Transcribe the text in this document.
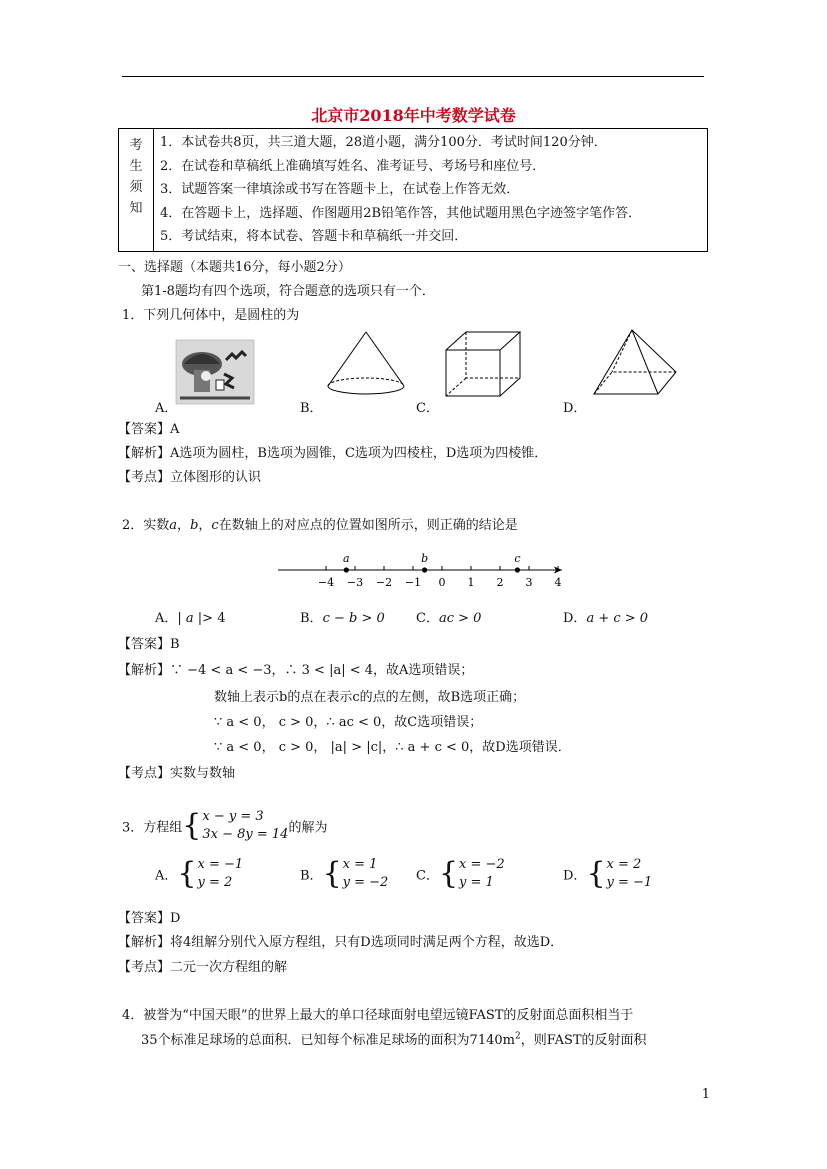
北京市2018年中考数学试卷
考
生
须
知

1．本试卷共8页，共三道大题，28道小题，满分100分．考试时间120分钟．
2．在试卷和草稿纸上准确填写姓名、准考证号、考场号和座位号．
3．试题答案一律填涂或书写在答题卡上，在试卷上作答无效．
4．在答题卡上，选择题、作图题用2B铅笔作答，其他试题用黑色字迹签字笔作答．
5．考试结束，将本试卷、答题卡和草稿纸一并交回．
一、选择题（本题共16分，每小题2分）
第1-8题均有四个选项，符合题意的选项只有一个．
1．下列几何体中，是圆柱的为
A．	B．	C．	D．
【答案】A
【解析】A选项为圆柱，B选项为圆锥，C选项为四棱柱，D选项为四棱锥．
【考点】立体图形的认识
2．实数a，b，c在数轴上的对应点的位置如图所示，则正确的结论是
−4 −3 −2 −1 0 1 2 3 4
a	b	c
A．| a |> 4	B．c − b > 0 C．ac > 0	D．a + c > 0
【答案】B
【解析】∵ −4 < a < −3，∴ 3 < |a| < 4，故A选项错误；
数轴上表示b的点在表示c的点的左侧，故B选项正确；
∵ a < 0， c > 0，∴ ac < 0，故C选项错误；
∵ a < 0， c > 0， |a| > |c|，∴ a + c < 0，故D选项错误．
【考点】实数与数轴
3．方程组{ x − y = 3
3x − 8y = 14 的解为
A．{ x = −1
y = 2	B．{ x = 1
y = −2 C．{ x = −2
y = 1	D．{ x = 2
y = −1
【答案】D
【解析】将4组解分别代入原方程组，只有D选项同时满足两个方程，故选D．
【考点】二元一次方程组的解
4．被誉为“中国天眼”的世界上最大的单口径球面射电望远镜FAST的反射面总面积相当于
35个标准足球场的总面积．已知每个标准足球场的面积为$7140m^2$，则FAST的反射面积
1
